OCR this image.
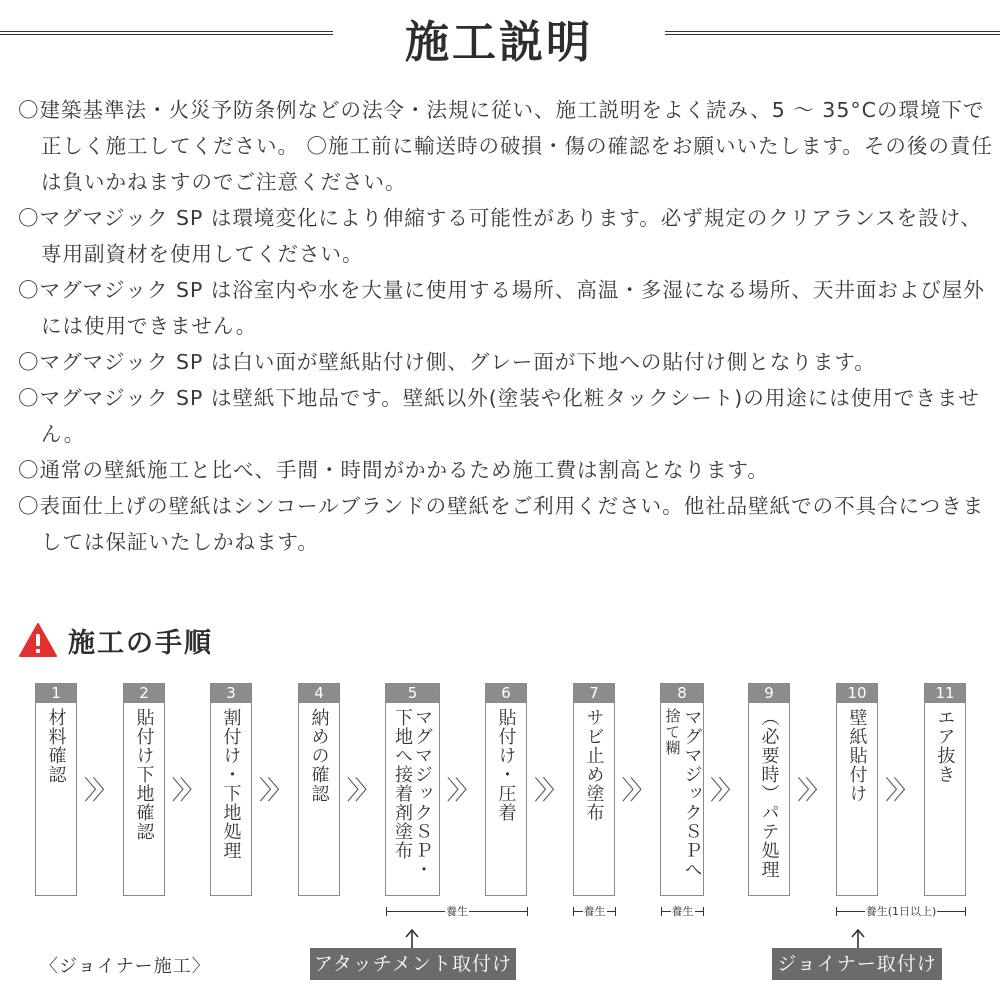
施工説明
〇建築基準法・火災予防条例などの法令・法規に従い、施工説明をよく読み、5 〜 35°Cの環境下で正しく施工してください。 〇施工前に輸送時の破損・傷の確認をお願いいたします。その後の責任は負いかねますのでご注意ください。
〇マグマジック SP は環境変化により伸縮する可能性があります。必ず規定のクリアランスを設け、専用副資材を使用してください。
〇マグマジック SP は浴室内や水を大量に使用する場所、高温・多湿になる場所、天井面および屋外には使用できません。
〇マグマジック SP は白い面が壁紙貼付け側、グレー面が下地への貼付け側となります。
〇マグマジック SP は壁紙下地品です。壁紙以外(塗装や化粧タックシート)の用途には使用できません。
〇通常の壁紙施工と比べ、手間・時間がかかるため施工費は割高となります。
〇表面仕上げの壁紙はシンコールブランドの壁紙をご利用ください。他社品壁紙での不具合につきましては保証いたしかねます。
施工の手順
1
材料確認
〉〉
2
貼付け下地確認 〉〉
3
割付け・下地処理 〉〉
4
納めの確認 〉〉
5
マグマジックＳＰ・
下地へ接着剤塗布 〉〉
6
貼付け・圧着 〉〉
7
サビ止め塗布 〉〉
8
マグマジックＳＰへ
捨て糊
〉〉
9
（必要時）パテ処理 〉〉
10
壁紙貼付け 〉〉
11
エア抜き
養生	養生	養生	養生(1日以上)
〈ジョイナー施工〉	アタッチメント取付け	ジョイナー取付け
